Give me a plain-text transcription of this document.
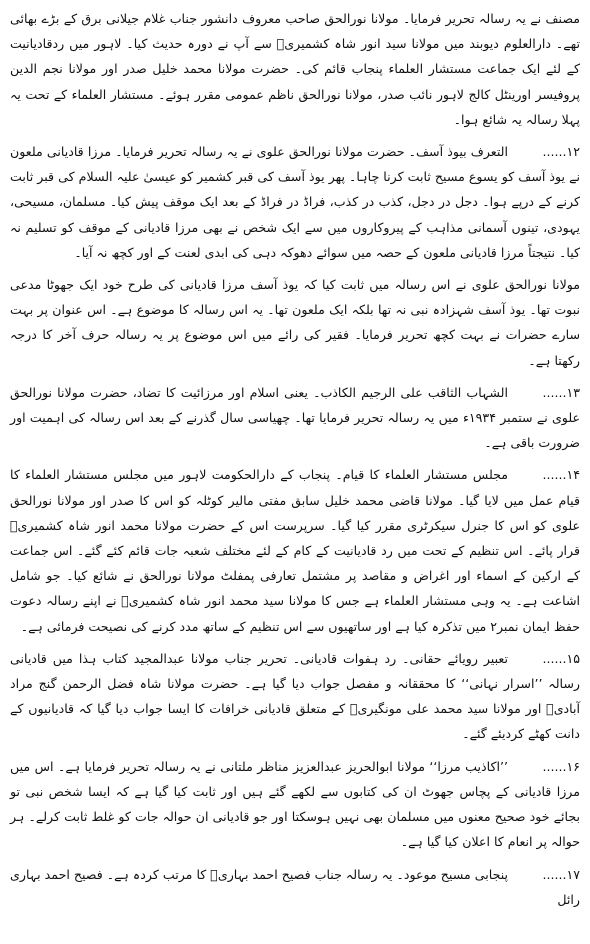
مصنف نے یہ رسالہ تحریر فرمایا۔ مولانا نورالحق صاحب معروف دانشور جناب غلام جیلانی برق کے بڑے بھائی تھے۔ دارالعلوم دیوبند میں مولانا سید انور شاہ کشمیریؒ سے آپ نے دورہ حدیث کیا۔ لاہور میں ردقادیانیت کے لئے ایک جماعت مستشار العلماء پنجاب قائم کی۔ حضرت مولانا محمد خلیل صدر اور مولانا نجم الدین پروفیسر اورینٹل کالج لاہور نائب صدر، مولانا نورالحق ناظم عمومی مقرر ہوئے۔ مستشار العلماء کے تحت یہ پہلا رسالہ یہ شائع ہوا۔

۱۲......التعرف بیوذ آسف۔ حضرت مولانا نورالحق علوی نے یہ رسالہ تحریر فرمایا۔ مرزا قادیانی ملعون نے یوذ آسف کو یسوع مسیح ثابت کرنا چاہا۔ پھر یوذ آسف کی قبر کشمیر کو عیسیٰ علیہ السلام کی قبر ثابت کرنے کے درپے ہوا۔ دجل در دجل، کذب در کذب، فراڈ در فراڈ کے بعد ایک موقف پیش کیا۔ مسلمان، مسیحی، یہودی، تینوں آسمانی مذاہب کے پیروکاروں میں سے ایک شخص نے بھی مرزا قادیانی کے موقف کو تسلیم نہ کیا۔ نتیجتاً مرزا قادیانی ملعون کے حصہ میں سوائے دھوکہ دہی کی ابدی لعنت کے اور کچھ نہ آیا۔

مولانا نورالحق علوی نے اس رسالہ میں ثابت کیا کہ یوذ آسف مرزا قادیانی کی طرح خود ایک جھوٹا مدعی نبوت تھا۔ یوذ آسف شہزادہ نبی نہ تھا بلکہ ایک ملعون تھا۔ یہ اس رسالہ کا موضوع ہے۔ اس عنوان پر بہت سارے حضرات نے بہت کچھ تحریر فرمایا۔ فقیر کی رائے میں اس موضوع پر یہ رسالہ حرف آخر کا درجہ رکھتا ہے۔

۱۳......الشہاب الثاقب علی الرجیم الکاذب۔ یعنی اسلام اور مرزائیت کا تضاد، حضرت مولانا نورالحق علوی نے ستمبر ۱۹۳۴ء میں یہ رسالہ تحریر فرمایا تھا۔ چھیاسی سال گذرنے کے بعد اس رسالہ کی اہمیت اور ضرورت باقی ہے۔

۱۴......مجلس مستشار العلماء کا قیام۔ پنجاب کے دارالحکومت لاہور میں مجلس مستشار العلماء کا قیام عمل میں لایا گیا۔ مولانا قاضی محمد خلیل سابق مفتی مالیر کوٹلہ کو اس کا صدر اور مولانا نورالحق علوی کو اس کا جنرل سیکرٹری مقرر کیا گیا۔ سرپرست اس کے حضرت مولانا محمد انور شاہ کشمیریؒ قرار پائے۔ اس تنظیم کے تحت میں رد قادیانیت کے کام کے لئے مختلف شعبہ جات قائم کئے گئے۔ اس جماعت کے ارکین کے اسماء اور اغراض و مقاصد پر مشتمل تعارفی پمفلٹ مولانا نورالحق نے شائع کیا۔ جو شامل اشاعت ہے۔ یہ وہی مستشار العلماء ہے جس کا مولانا سید محمد انور شاہ کشمیریؒ نے اپنے رسالہ دعوت حفظ ایمان نمبر۲ میں تذکرہ کیا ہے اور ساتھیوں سے اس تنظیم کے ساتھ مدد کرنے کی نصیحت فرمائی ہے۔

۱۵......تعبیر رویائے حقانی۔ رد ہفوات قادیانی۔ تحریر جناب مولانا عبدالمجید کتاب ہذا میں قادیانی رسالہ ’’اسرار نہانی‘‘ کا محققانہ و مفصل جواب دیا گیا ہے۔ حضرت مولانا شاہ فضل الرحمن گنج مراد آبادیؒ اور مولانا سید محمد علی مونگیریؒ کے متعلق قادیانی خرافات کا ایسا جواب دیا گیا کہ قادیانیوں کے دانت کھٹے کردیئے گئے۔

۱۶......’’اکاذیب مرزا‘‘ مولانا ابوالحریز عبدالعزیز مناظر ملتانی نے یہ رسالہ تحریر فرمایا ہے۔ اس میں مرزا قادیانی کے پچاس جھوٹ ان کی کتابوں سے لکھے گئے ہیں اور ثابت کیا گیا ہے کہ ایسا شخص نبی تو بجائے خود صحیح معنوں میں مسلمان بھی نہیں ہوسکتا اور جو قادیانی ان حوالہ جات کو غلط ثابت کرلے۔ ہر حوالہ پر انعام کا اعلان کیا گیا ہے۔

۱۷......پنجابی مسیح موعود۔ یہ رسالہ جناب فصیح احمد بہاریؒ کا مرتب کردہ ہے۔ فصیح احمد بہاری رائل
